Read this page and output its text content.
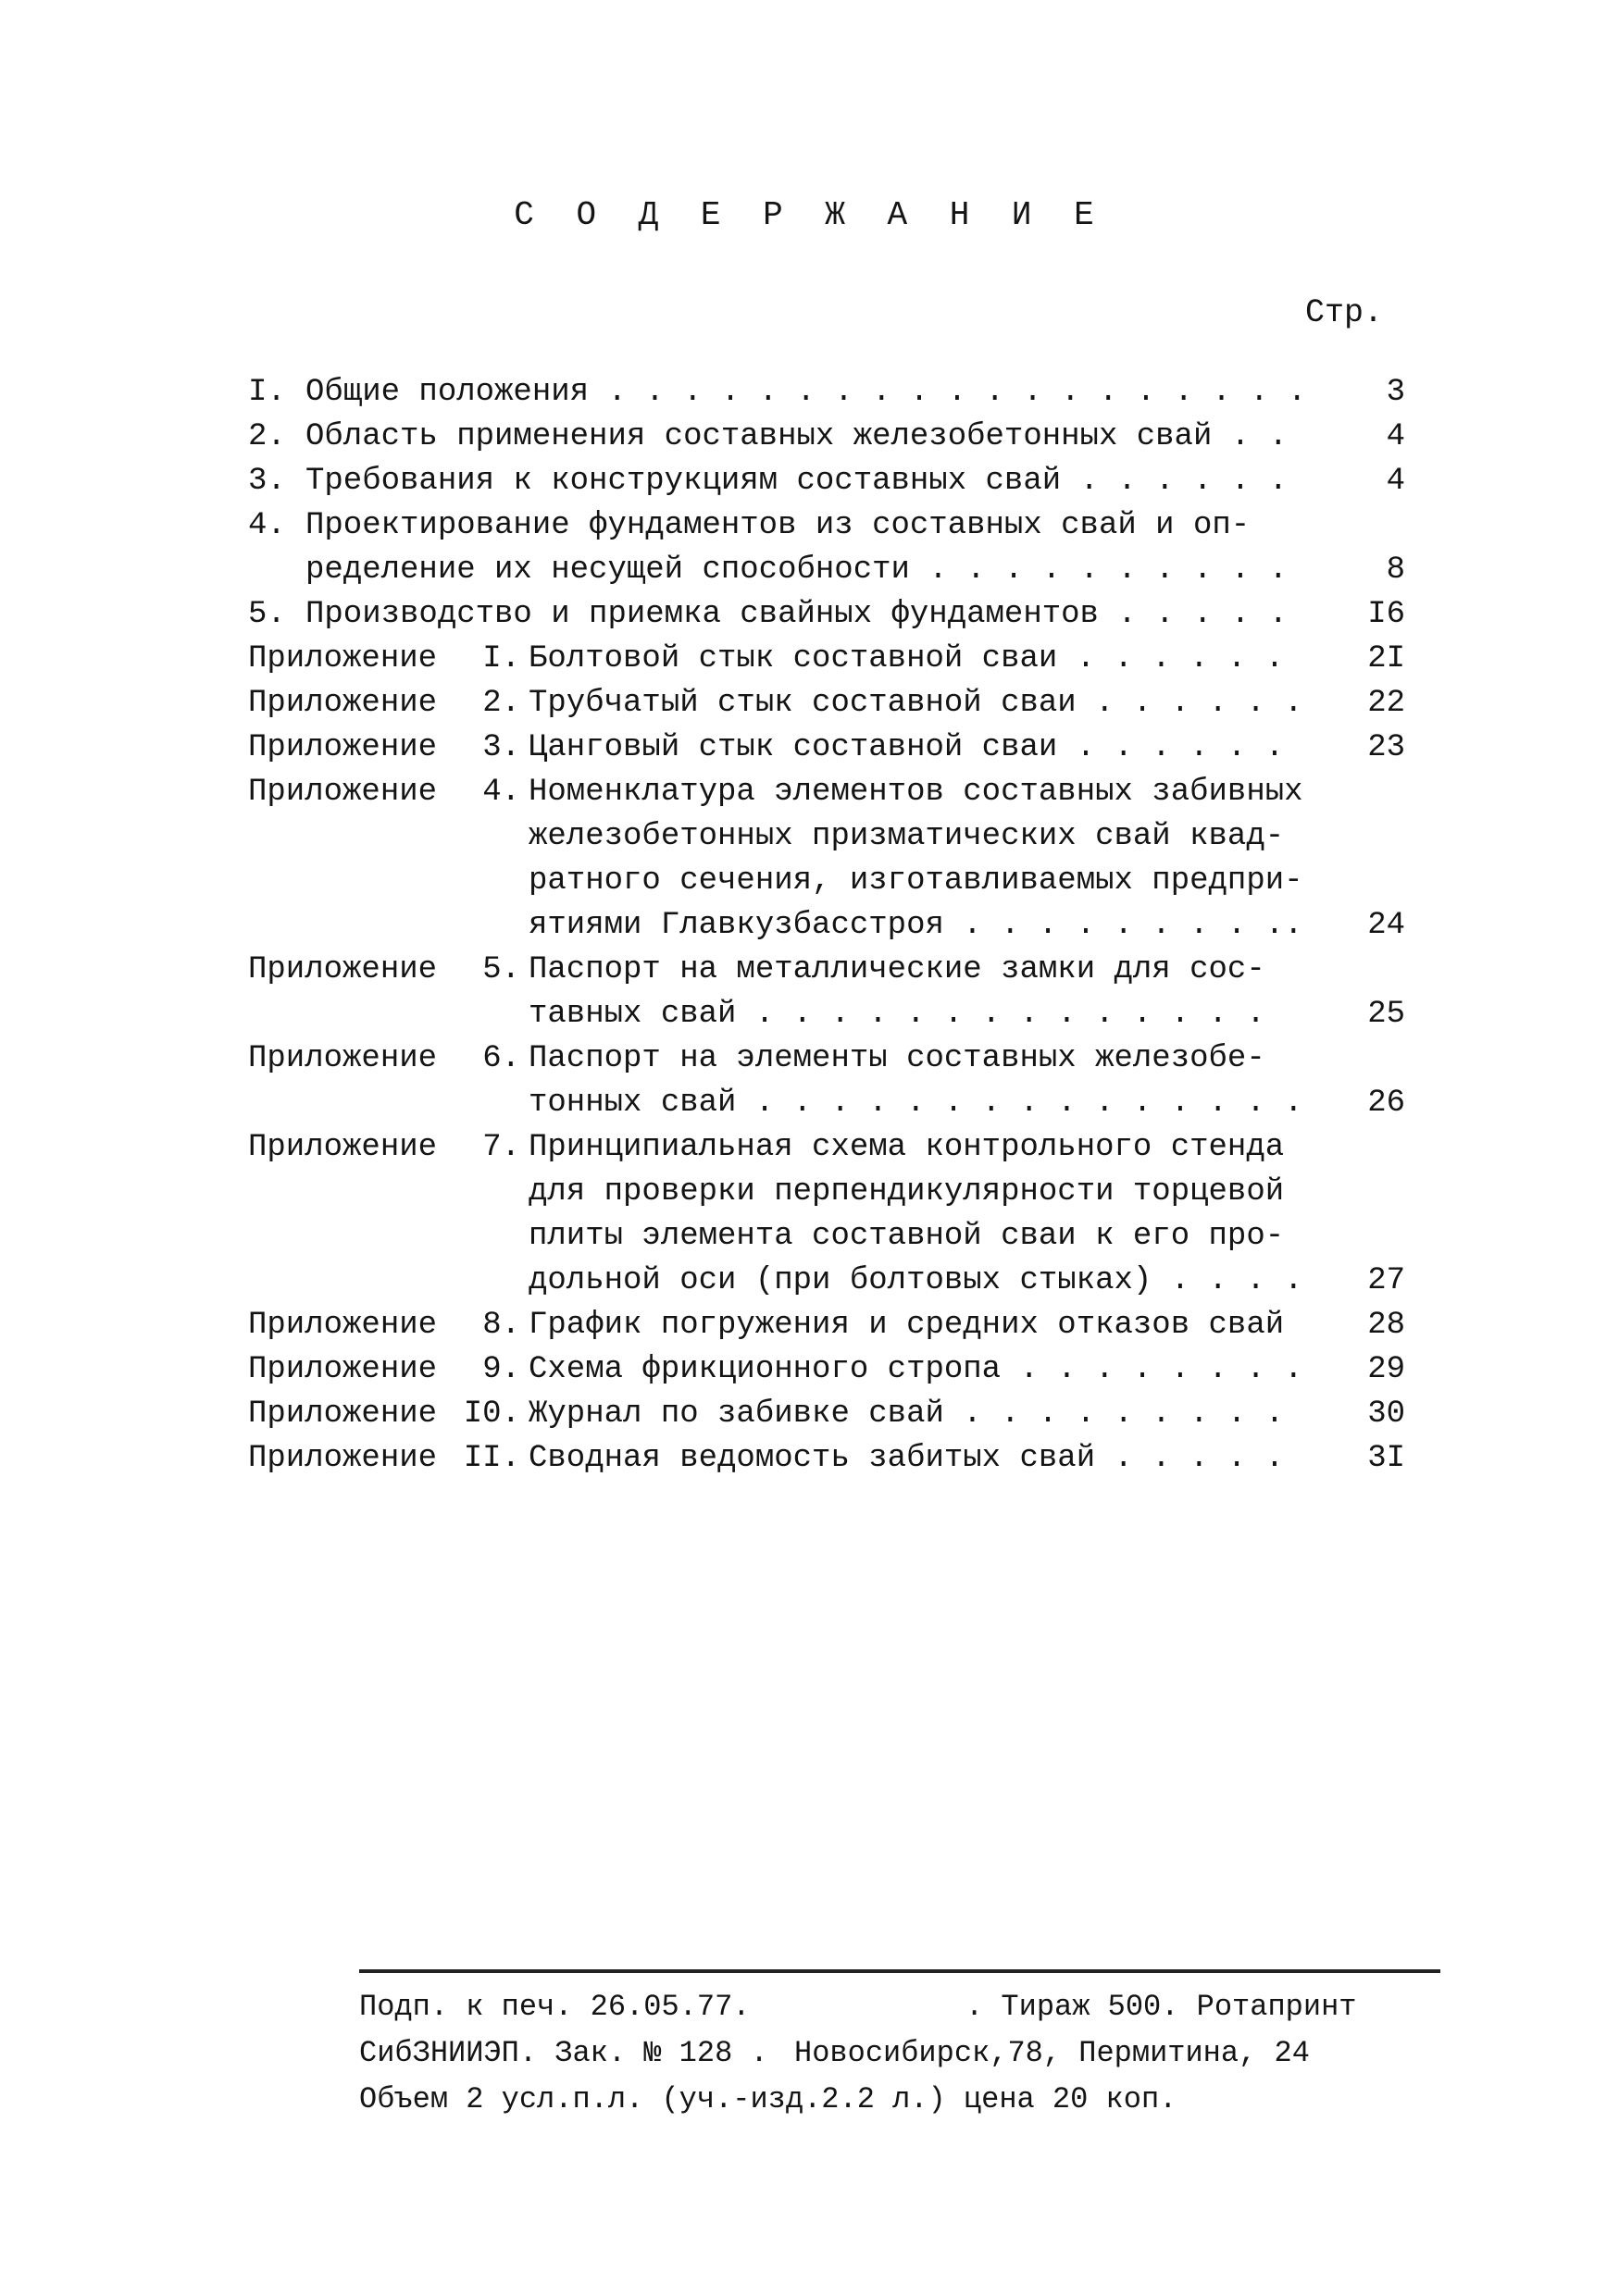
С О Д Е Р Ж А Н И Е
Стр.
I. Общие положения . . . . . . . . . . . . . . . . . . .	3
2. Область применения составных железобетонных свай . .	4
3. Требования к конструкциям составных свай . . . . . .	4
4. Проектирование фундаментов из составных свай и оп-
ределение их несущей способности . . . . . . . . . .	8
5. Производство и приемка свайных фундаментов . . . . .	I6
Приложение	I. Болтовой стык составной сваи . . . . . .	2I
Приложение	2. Трубчатый стык составной сваи . . . . . .	22
Приложение	3. Цанговый стык составной сваи . . . . . .	23
Приложение	4. Номенклатура элементов составных забивных
железобетонных призматических свай квад-
ратного сечения, изготавливаемых предпри-
ятиями Главкузбасстроя . . . . . . . . ..	24
Приложение	5. Паспорт на металлические замки для сос-
тавных свай . . . . . . . . . . . . . .	25
Приложение	6. Паспорт на элементы составных железобе-
тонных свай . . . . . . . . . . . . . . .	26
Приложение	7. Принципиальная схема контрольного стенда
для проверки перпендикулярности торцевой
плиты элемента составной сваи к его про-
дольной оси (при болтовых стыках) . . . .	27
Приложение	8. График погружения и средних отказов свай	28
Приложение	9. Схема фрикционного стропа . . . . . . . .	29
Приложение I0. Журнал по забивке свай . . . . . . . . .	30
Приложение II. Сводная ведомость забитых свай . . . . .	3I
Подп. к печ. 26.05.77.	. Тираж 500. Ротапринт
СибЗНИИЭП. Зак. № 128 . Новосибирск,78, Пермитина, 24
Объем 2 усл.п.л. (уч.-изд.2.2 л.) цена 20 коп.
